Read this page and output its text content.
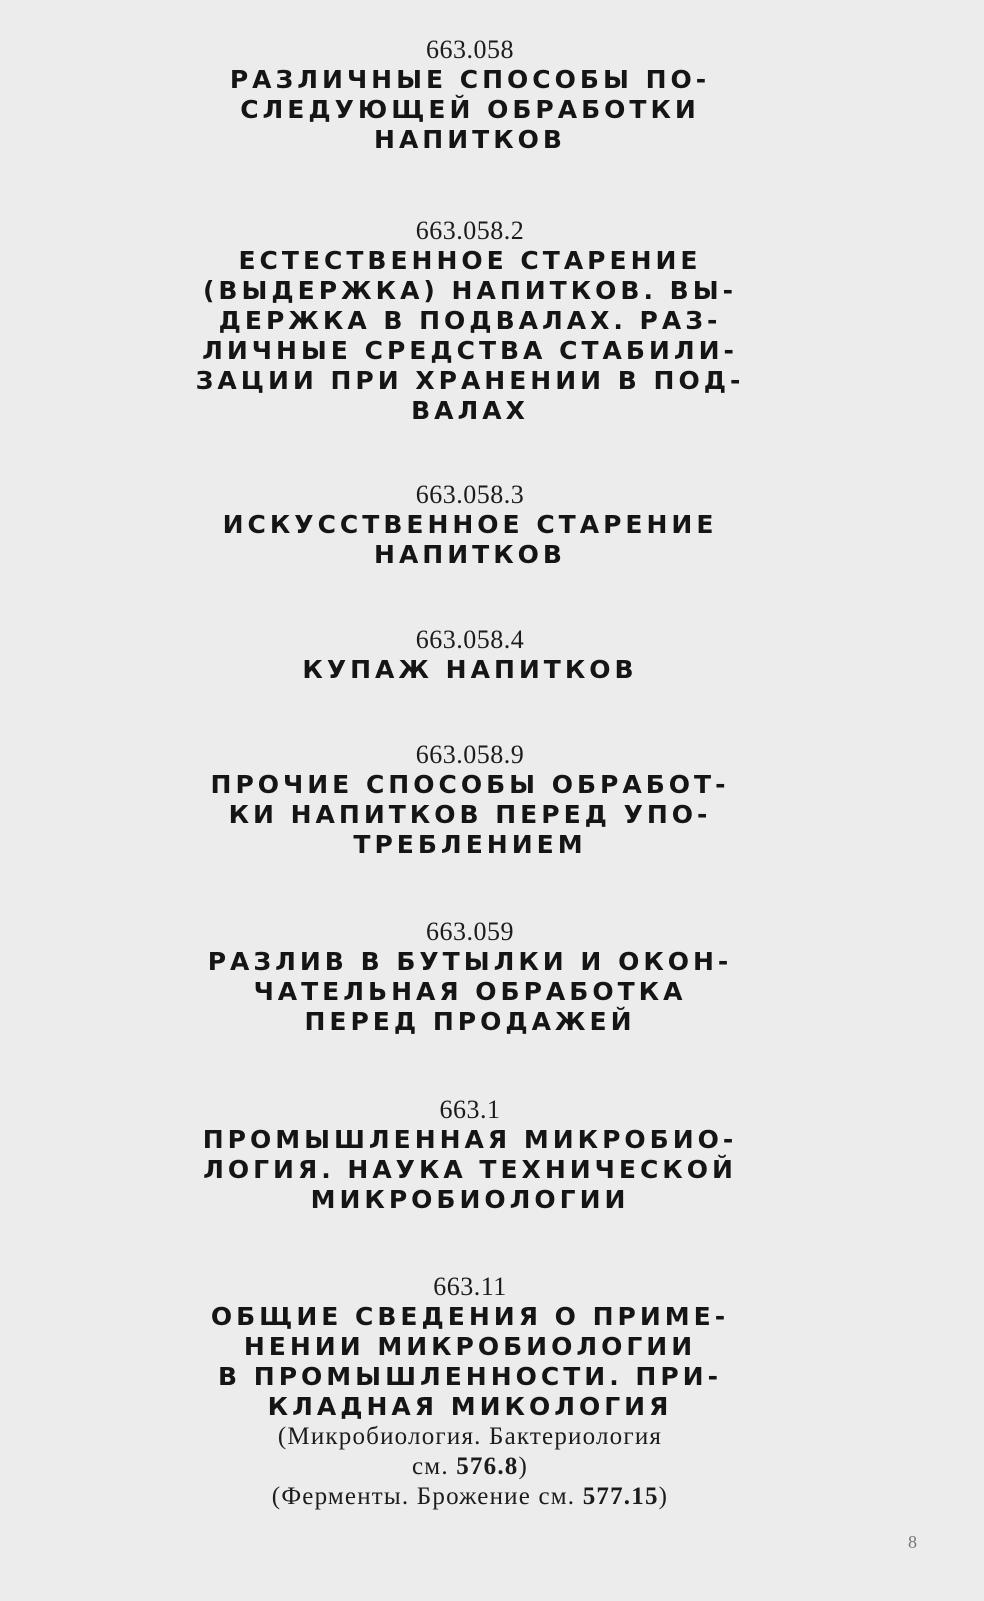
663.058
РАЗЛИЧНЫЕ СПОСОБЫ ПО-
СЛЕДУЮЩЕЙ ОБРАБОТКИ
НАПИТКОВ
663.058.2
ЕСТЕСТВЕННОЕ СТАРЕНИЕ
(ВЫДЕРЖКА) НАПИТКОВ. ВЫ-
ДЕРЖКА В ПОДВАЛАХ. РАЗ-
ЛИЧНЫЕ СРЕДСТВА СТАБИЛИ-
ЗАЦИИ ПРИ ХРАНЕНИИ В ПОД-
ВАЛАХ
663.058.3
ИСКУССТВЕННОЕ СТАРЕНИЕ
НАПИТКОВ
663.058.4
КУПАЖ НАПИТКОВ
663.058.9
ПРОЧИЕ СПОСОБЫ ОБРАБОТ-
КИ НАПИТКОВ ПЕРЕД УПО-
ТРЕБЛЕНИЕМ
663.059
РАЗЛИВ В БУТЫЛКИ И ОКОН-
ЧАТЕЛЬНАЯ ОБРАБОТКА
ПЕРЕД ПРОДАЖЕЙ
663.1
ПРОМЫШЛЕННАЯ МИКРОБИО-
ЛОГИЯ. НАУКА ТЕХНИЧЕСКОЙ
МИКРОБИОЛОГИИ
663.11
ОБЩИЕ СВЕДЕНИЯ О ПРИМЕ-
НЕНИИ МИКРОБИОЛОГИИ
В ПРОМЫШЛЕННОСТИ. ПРИ-
КЛАДНАЯ МИКОЛОГИЯ
(Микробиология. Бактериология
см. 576.8)
(Ферменты. Брожение см. 577.15)
8
